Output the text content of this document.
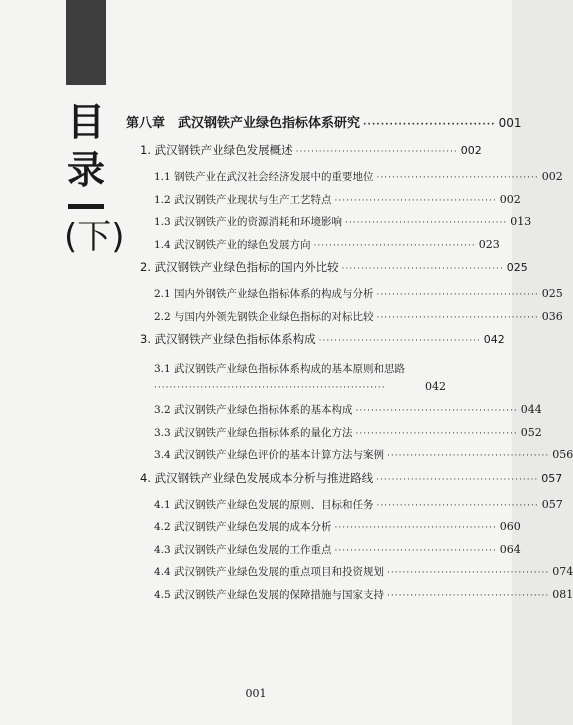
目
录
(下)
第八章　武汉钢铁产业绿色指标体系研究 ······························ 001
1. 武汉钢铁产业绿色发展概述 ·········································· 002
1.1 钢铁产业在武汉社会经济发展中的重要地位 ·········································· 002
1.2 武汉钢铁产业现状与生产工艺特点 ·········································· 002
1.3 武汉钢铁产业的资源消耗和环境影响 ·········································· 013
1.4 武汉钢铁产业的绿色发展方向 ·········································· 023
2. 武汉钢铁产业绿色指标的国内外比较 ·········································· 025
2.1 国内外钢铁产业绿色指标体系的构成与分析 ·········································· 025
2.2 与国内外领先钢铁企业绿色指标的对标比较 ·········································· 036
3. 武汉钢铁产业绿色指标体系构成 ·········································· 042
3.1 武汉钢铁产业绿色指标体系构成的基本原则和思路
····························································	042
3.2 武汉钢铁产业绿色指标体系的基本构成 ·········································· 044
3.3 武汉钢铁产业绿色指标体系的量化方法 ·········································· 052
3.4 武汉钢铁产业绿色评价的基本计算方法与案例 ·········································· 056
4. 武汉钢铁产业绿色发展成本分析与推进路线 ·········································· 057
4.1 武汉钢铁产业绿色发展的原则、目标和任务 ·········································· 057
4.2 武汉钢铁产业绿色发展的成本分析 ·········································· 060
4.3 武汉钢铁产业绿色发展的工作重点 ·········································· 064
4.4 武汉钢铁产业绿色发展的重点项目和投资规划 ·········································· 074
4.5 武汉钢铁产业绿色发展的保障措施与国家支持 ·········································· 081
001
